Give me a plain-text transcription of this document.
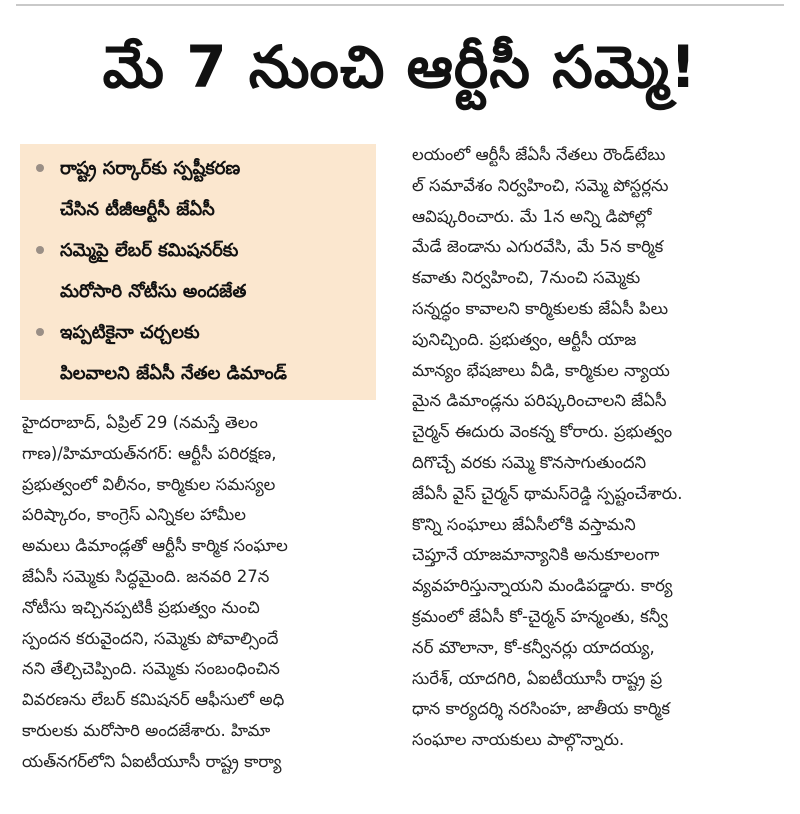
మే 7 నుంచి ఆర్టీసీ సమ్మె!
రాష్ట్ర సర్కార్‌కు స్పష్టీకరణ
చేసిన టీజీఆర్టీసీ జేఏసీ
సమ్మెపై లేబర్ కమిషనర్‌కు
మరోసారి నోటీసు అందజేత
ఇప్పటికైనా చర్చలకు
పిలవాలని జేఏసీ నేతల డిమాండ్
హైదరాబాద్, ఏప్రిల్ 29 (నమస్తే తెలం
గాణ)/హిమాయత్‌నగర్: ఆర్టీసీ పరిరక్షణ,
ప్రభుత్వంలో విలీనం, కార్మికుల సమస్యల
పరిష్కారం, కాంగ్రెస్ ఎన్నికల హామీల
అమలు డిమాండ్లతో ఆర్టీసీ కార్మిక సంఘాల
జేఏసీ సమ్మెకు సిద్ధమైంది. జనవరి 27న
నోటీసు ఇచ్చినప్పటికీ ప్రభుత్వం నుంచి
స్పందన కరువైందని, సమ్మెకు పోవాల్సిందే
నని తేల్చిచెప్పింది. సమ్మెకు సంబంధించిన
వివరణను లేబర్ కమిషనర్ ఆఫీసులో అధి
కారులకు మరోసారి అందజేశారు. హిమా
యత్‌నగర్‌లోని ఏఐటీయూసీ రాష్ట్ర కార్యా
లయంలో ఆర్టీసీ జేఏసీ నేతలు రౌండ్‌టేబు
ల్ సమావేశం నిర్వహించి, సమ్మె పోస్టర్లను
ఆవిష్కరించారు. మే 1న అన్ని డిపోల్లో
మేడే జెండాను ఎగురవేసి, మే 5న కార్మిక
కవాతు నిర్వహించి, 7నుంచి సమ్మెకు
సన్నద్ధం కావాలని కార్మికులకు జేఏసీ పిలు
పునిచ్చింది. ప్రభుత్వం, ఆర్టీసీ యాజ
మాన్యం భేషజాలు వీడి, కార్మికుల న్యాయ
మైన డిమాండ్లను పరిష్కరించాలని జేఏసీ
చైర్మన్ ఈదురు వెంకన్న కోరారు. ప్రభుత్వం
దిగొచ్చే వరకు సమ్మె కొనసాగుతుందని
జేఏసీ వైస్ చైర్మన్ థామస్‌రెడ్డి స్పష్టంచేశారు.
కొన్ని సంఘాలు జేఏసీలోకి వస్తామని
చెప్తూనే యాజమాన్యానికి అనుకూలంగా
వ్యవహరిస్తున్నాయని మండిపడ్డారు. కార్య
క్రమంలో జేఏసీ కో-చైర్మన్ హన్మంతు, కన్వీ
నర్ మౌలానా, కో-కన్వీనర్లు యాదయ్య,
సురేశ్, యాదగిరి, ఏఐటీయూసీ రాష్ట్ర ప్ర
ధాన కార్యదర్శి నరసింహ, జాతీయ కార్మిక
సంఘాల నాయకులు పాల్గొన్నారు.
